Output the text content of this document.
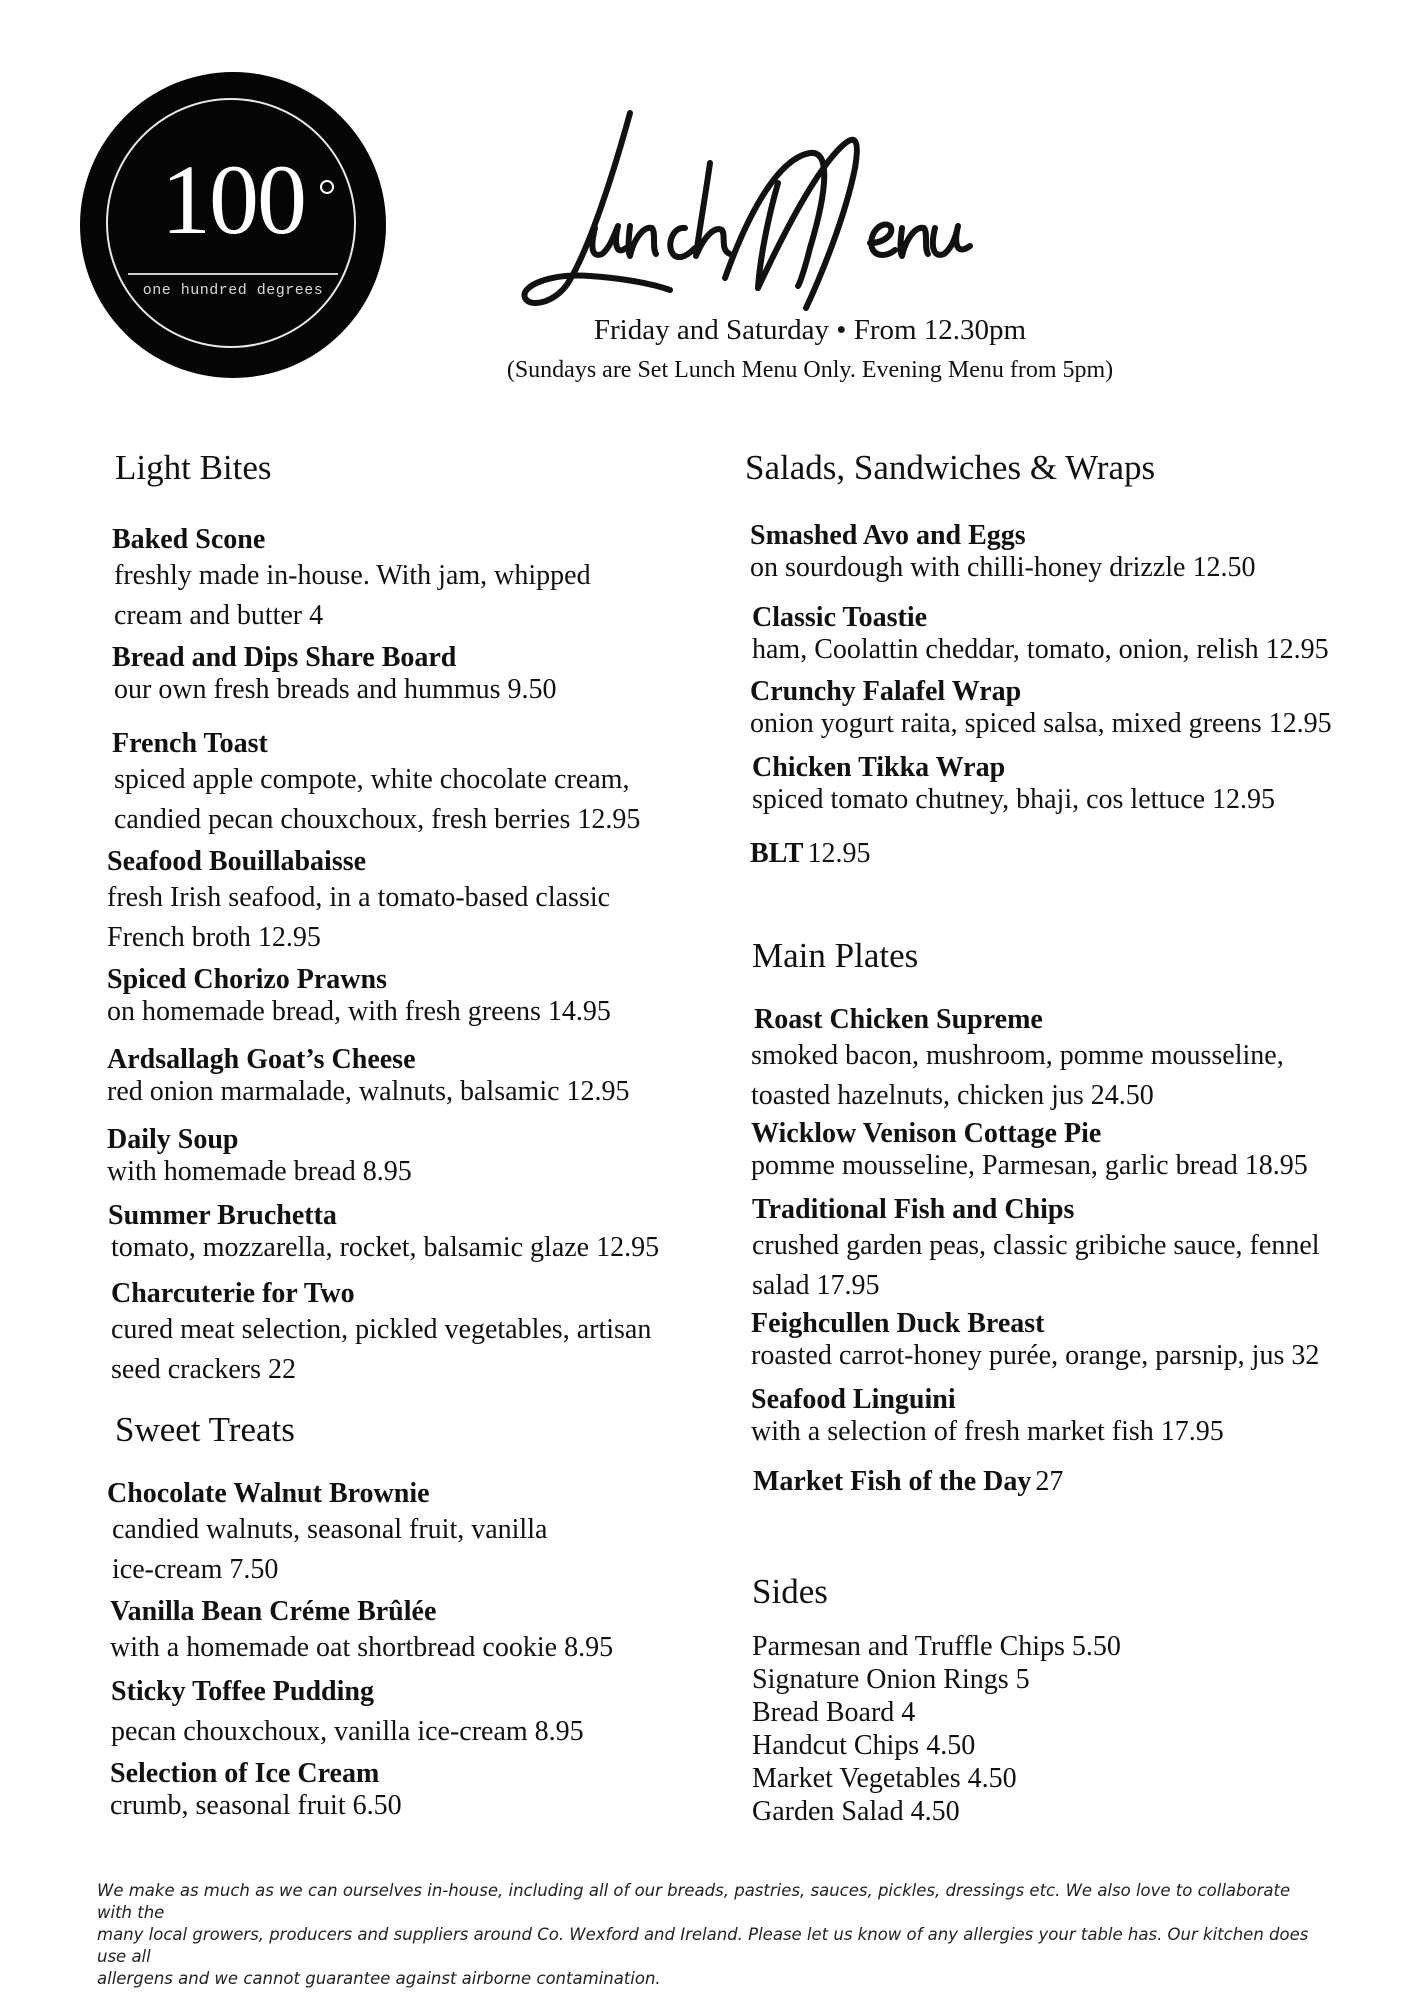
100
one hundred degrees
Friday and Saturday • From 12.30pm
(Sundays are Set Lunch Menu Only. Evening Menu from 5pm)
Light Bites
Baked Scone
freshly made in-house. With jam, whipped
cream and butter 4
Bread and Dips Share Board
our own fresh breads and hummus 9.50
French Toast
spiced apple compote, white chocolate cream,
candied pecan chouxchoux, fresh berries 12.95
Seafood Bouillabaisse
fresh Irish seafood, in a tomato-based classic
French broth 12.95
Spiced Chorizo Prawns
on homemade bread, with fresh greens 14.95
Ardsallagh Goat’s Cheese
red onion marmalade, walnuts, balsamic 12.95
Daily Soup
with homemade bread 8.95
Summer Bruchetta
tomato, mozzarella, rocket, balsamic glaze 12.95
Charcuterie for Two
cured meat selection, pickled vegetables, artisan
seed crackers 22
Sweet Treats
Chocolate Walnut Brownie
candied walnuts, seasonal fruit, vanilla
ice-cream 7.50
Vanilla Bean Créme Brûlée
with a homemade oat shortbread cookie 8.95
Sticky Toffee Pudding
pecan chouxchoux, vanilla ice-cream 8.95
Selection of Ice Cream
crumb, seasonal fruit 6.50
Salads, Sandwiches & Wraps
Smashed Avo and Eggs
on sourdough with chilli-honey drizzle 12.50
Classic Toastie
ham, Coolattin cheddar, tomato, onion, relish 12.95
Crunchy Falafel Wrap
onion yogurt raita, spiced salsa, mixed greens 12.95
Chicken Tikka Wrap
spiced tomato chutney, bhaji, cos lettuce 12.95
BLT 12.95
Main Plates
Roast Chicken Supreme
smoked bacon, mushroom, pomme mousseline,
toasted hazelnuts, chicken jus 24.50
Wicklow Venison Cottage Pie
pomme mousseline, Parmesan, garlic bread 18.95
Traditional Fish and Chips
crushed garden peas, classic gribiche sauce, fennel
salad 17.95
Feighcullen Duck Breast
roasted carrot-honey purée, orange, parsnip, jus 32
Seafood Linguini
with a selection of fresh market fish 17.95
Market Fish of the Day 27
Sides
Parmesan and Truffle Chips 5.50
Signature Onion Rings 5
Bread Board 4
Handcut Chips 4.50
Market Vegetables 4.50
Garden Salad 4.50
We make as much as we can ourselves in-house, including all of our breads, pastries, sauces, pickles, dressings etc. We also love to collaborate with the
many local growers, producers and suppliers around Co. Wexford and Ireland. Please let us know of any allergies your table has. Our kitchen does use all
allergens and we cannot guarantee against airborne contamination.
